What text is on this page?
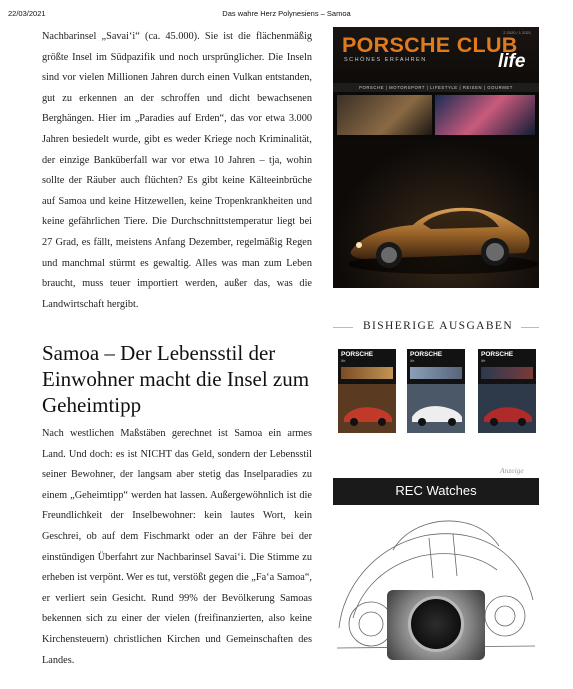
22/03/2021	Das wahre Herz Polynesiens – Samoa
Nachbarinsel „Savai‘i“ (ca. 45.000). Sie ist die flächenmäßig größte Insel im Südpazifik und noch ursprünglicher. Die Inseln sind vor vielen Millionen Jahren durch einen Vulkan entstanden, gut zu erkennen an der schroffen und dicht bewachsenen Berghängen. Hier im „Paradies auf Erden“, das vor etwa 3.000 Jahren besiedelt wurde, gibt es weder Kriege noch Kriminalität, der einzige Banküberfall war vor etwa 10 Jahren – tja, wohin sollte der Räuber auch flüchten? Es gibt keine Kälteeinbrüche auf Samoa und keine Hitzewellen, keine Tropenkrankheiten und keine gefährlichen Tiere. Die Durchschnittstemperatur liegt bei 27 Grad, es fällt, meistens Anfang Dezember, regelmäßig Regen und manchmal stürmt es gewaltig. Alles was man zum Leben braucht, muss teuer importiert werden, außer das, was die Landwirtschaft hergibt.
Samoa – Der Lebensstil der Einwohner macht die Insel zum Geheimtipp
Nach westlichen Maßstäben gerechnet ist Samoa ein armes Land. Und doch: es ist NICHT das Geld, sondern der Lebensstil seiner Bewohner, der langsam aber stetig das Inselparadies zu einem „Geheimtipp“ werden hat lassen. Außergewöhnlich ist die Freundlichkeit der Inselbewohner: kein lautes Wort, kein Geschrei, ob auf dem Fischmarkt oder an der Fähre bei der einstündigen Überfahrt zur Nachbarinsel Savai‘i. Die Stimme zu erheben ist verpönt. Wer es tut, verstößt gegen die „Fa‘a Samoa“, er verliert sein Gesicht. Rund 99% der Bevölkerung Samoas bekennen sich zu einer der vielen (freifinanzierten, also keine Kirchensteuern) christlichen Kirchen und Gemeinschaften des Landes.
2 2020 / 1 2021
PORSCHE CLUB
life
SCHÖNES ERFAHREN
PORSCHE | MOTORSPORT | LIFESTYLE | REISEN | GOURMET
BISHERIGE AUSGABEN
PORSCHE
life
PORSCHE
life
PORSCHE
life
Anzeige
REC Watches
